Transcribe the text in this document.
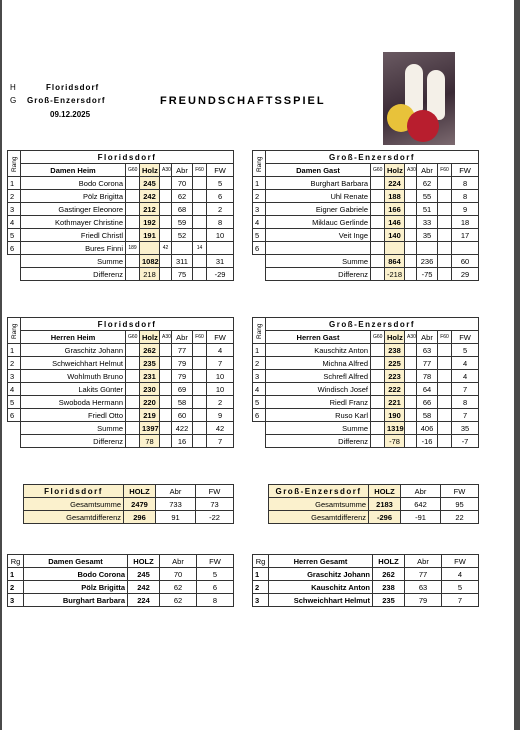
H	Floridsdorf
G Groß-Enzersdorf
09.12.2025
FREUNDSCHAFTSSPIEL
Rang	Floridsdorf						
	Damen Heim	G60	Holz	A30	Abr	F60	FW
1	Bodo Corona		245		70		5
2	Pölz Brigitta		242		62		6
3	Gastinger Eleonore		212		68		2
4	Kothmayer Christine		192		59		8
5	Friedl Christl		191		52		10
6	Bures Finni	189		42		14	
	Summe		1082		311		31
	Differenz		218		75		-29
Rang	Groß-Enzersdorf						
	Damen Gast	G60	Holz	A30	Abr	F60	FW
1	Burghart Barbara		224		62		8
2	Uhl Renate		188		55		8
3	Eigner Gabriele		166		51		9
4	Miklauc Gerlinde		146		33		18
5	Veit Inge		140		35		17
6							
	Summe		864		236		60
	Differenz		-218		-75		29
Rang	Floridsdorf						
	Herren Heim	G60	Holz	A30	Abr	F60	FW
1	Graschitz Johann		262		77		4
2	Schweichhart Helmut		235		79		7
3	Wohlmuth Bruno		231		79		10
4	Lakits Günter		230		69		10
5	Swoboda Hermann		220		58		2
6	Friedl Otto		219		60		9
	Summe		1397		422		42
	Differenz		78		16		7
Rang	Groß-Enzersdorf						
	Herren Gast	G60	Holz	A30	Abr	F60	FW
1	Kauschitz Anton		238		63		5
2	Michna Alfred		225		77		4
3	Schrefl Alfred		223		78		4
4	Windisch Josef		222		64		7
5	Riedl Franz		221		66		8
6	Ruso Karl		190		58		7
	Summe		1319		406		35
	Differenz		-78		-16		-7
Floridsdorf	HOLZ	Abr	FW
Gesamtsumme	2479	733	73
Gesamtdifferenz	296	91	-22
Groß-Enzersdorf	HOLZ	Abr	FW
Gesamtsumme	2183	642	95
Gesamtdifferenz	-296	-91	22
Rg	Damen Gesamt	HOLZ	Abr	FW
1	Bodo Corona	245	70	5
2	Pölz Brigitta	242	62	6
3	Burghart Barbara	224	62	8
Rg	Herren Gesamt	HOLZ	Abr	FW
1	Graschitz Johann	262	77	4
2	Kauschitz Anton	238	63	5
3	Schweichhart Helmut	235	79	7
